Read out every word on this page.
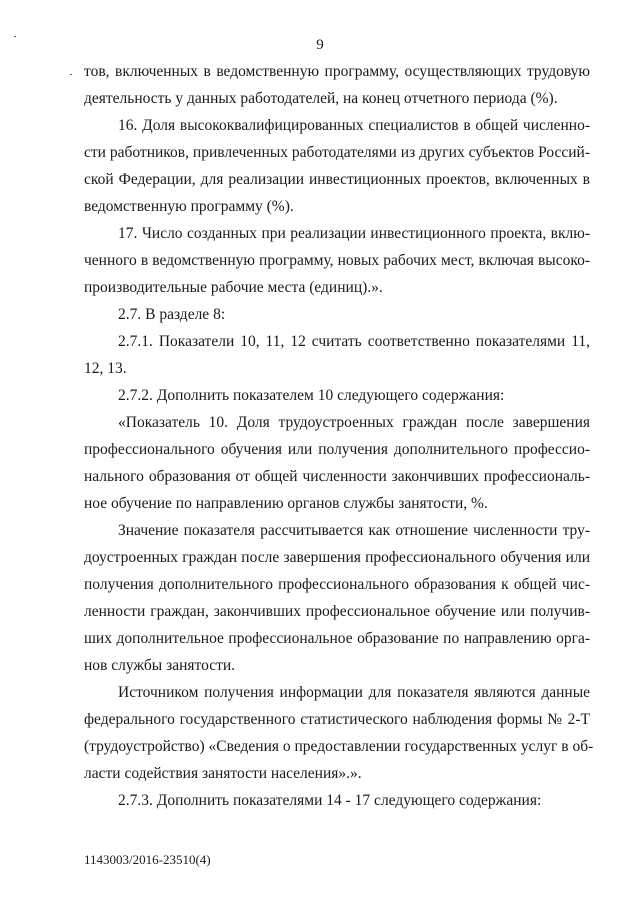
9

тов, включенных в ведомственную программу, осуществляющих трудовую
деятельность у данных работодателей, на конец отчетного периода (%).

16. Доля высококвалифицированных специалистов в общей численно-
сти работников, привлеченных работодателями из других субъектов Россий-
ской Федерации, для реализации инвестиционных проектов, включенных в
ведомственную программу (%).

17. Число созданных при реализации инвестиционного проекта, вклю-
ченного в ведомственную программу, новых рабочих мест, включая высоко-
производительные рабочие места (единиц).».

2.7. В разделе 8:

2.7.1. Показатели 10, 11, 12 считать соответственно показателями 11,
12, 13.

2.7.2. Дополнить показателем 10 следующего содержания:

«Показатель 10. Доля трудоустроенных граждан после завершения
профессионального обучения или получения дополнительного профессио-
нального образования от общей численности закончивших профессиональ-
ное обучение по направлению органов службы занятости, %.

Значение показателя рассчитывается как отношение численности тру-
доустроенных граждан после завершения профессионального обучения или
получения дополнительного профессионального образования к общей чис-
ленности граждан, закончивших профессиональное обучение или получив-
ших дополнительное профессиональное образование по направлению орга-
нов службы занятости.

Источником получения информации для показателя являются данные
федерального государственного статистического наблюдения формы № 2-Т
(трудоустройство) «Сведения о предоставлении государственных услуг в об-
ласти содействия занятости населения».».

2.7.3. Дополнить показателями 14 - 17 следующего содержания:

1143003/2016-23510(4)
